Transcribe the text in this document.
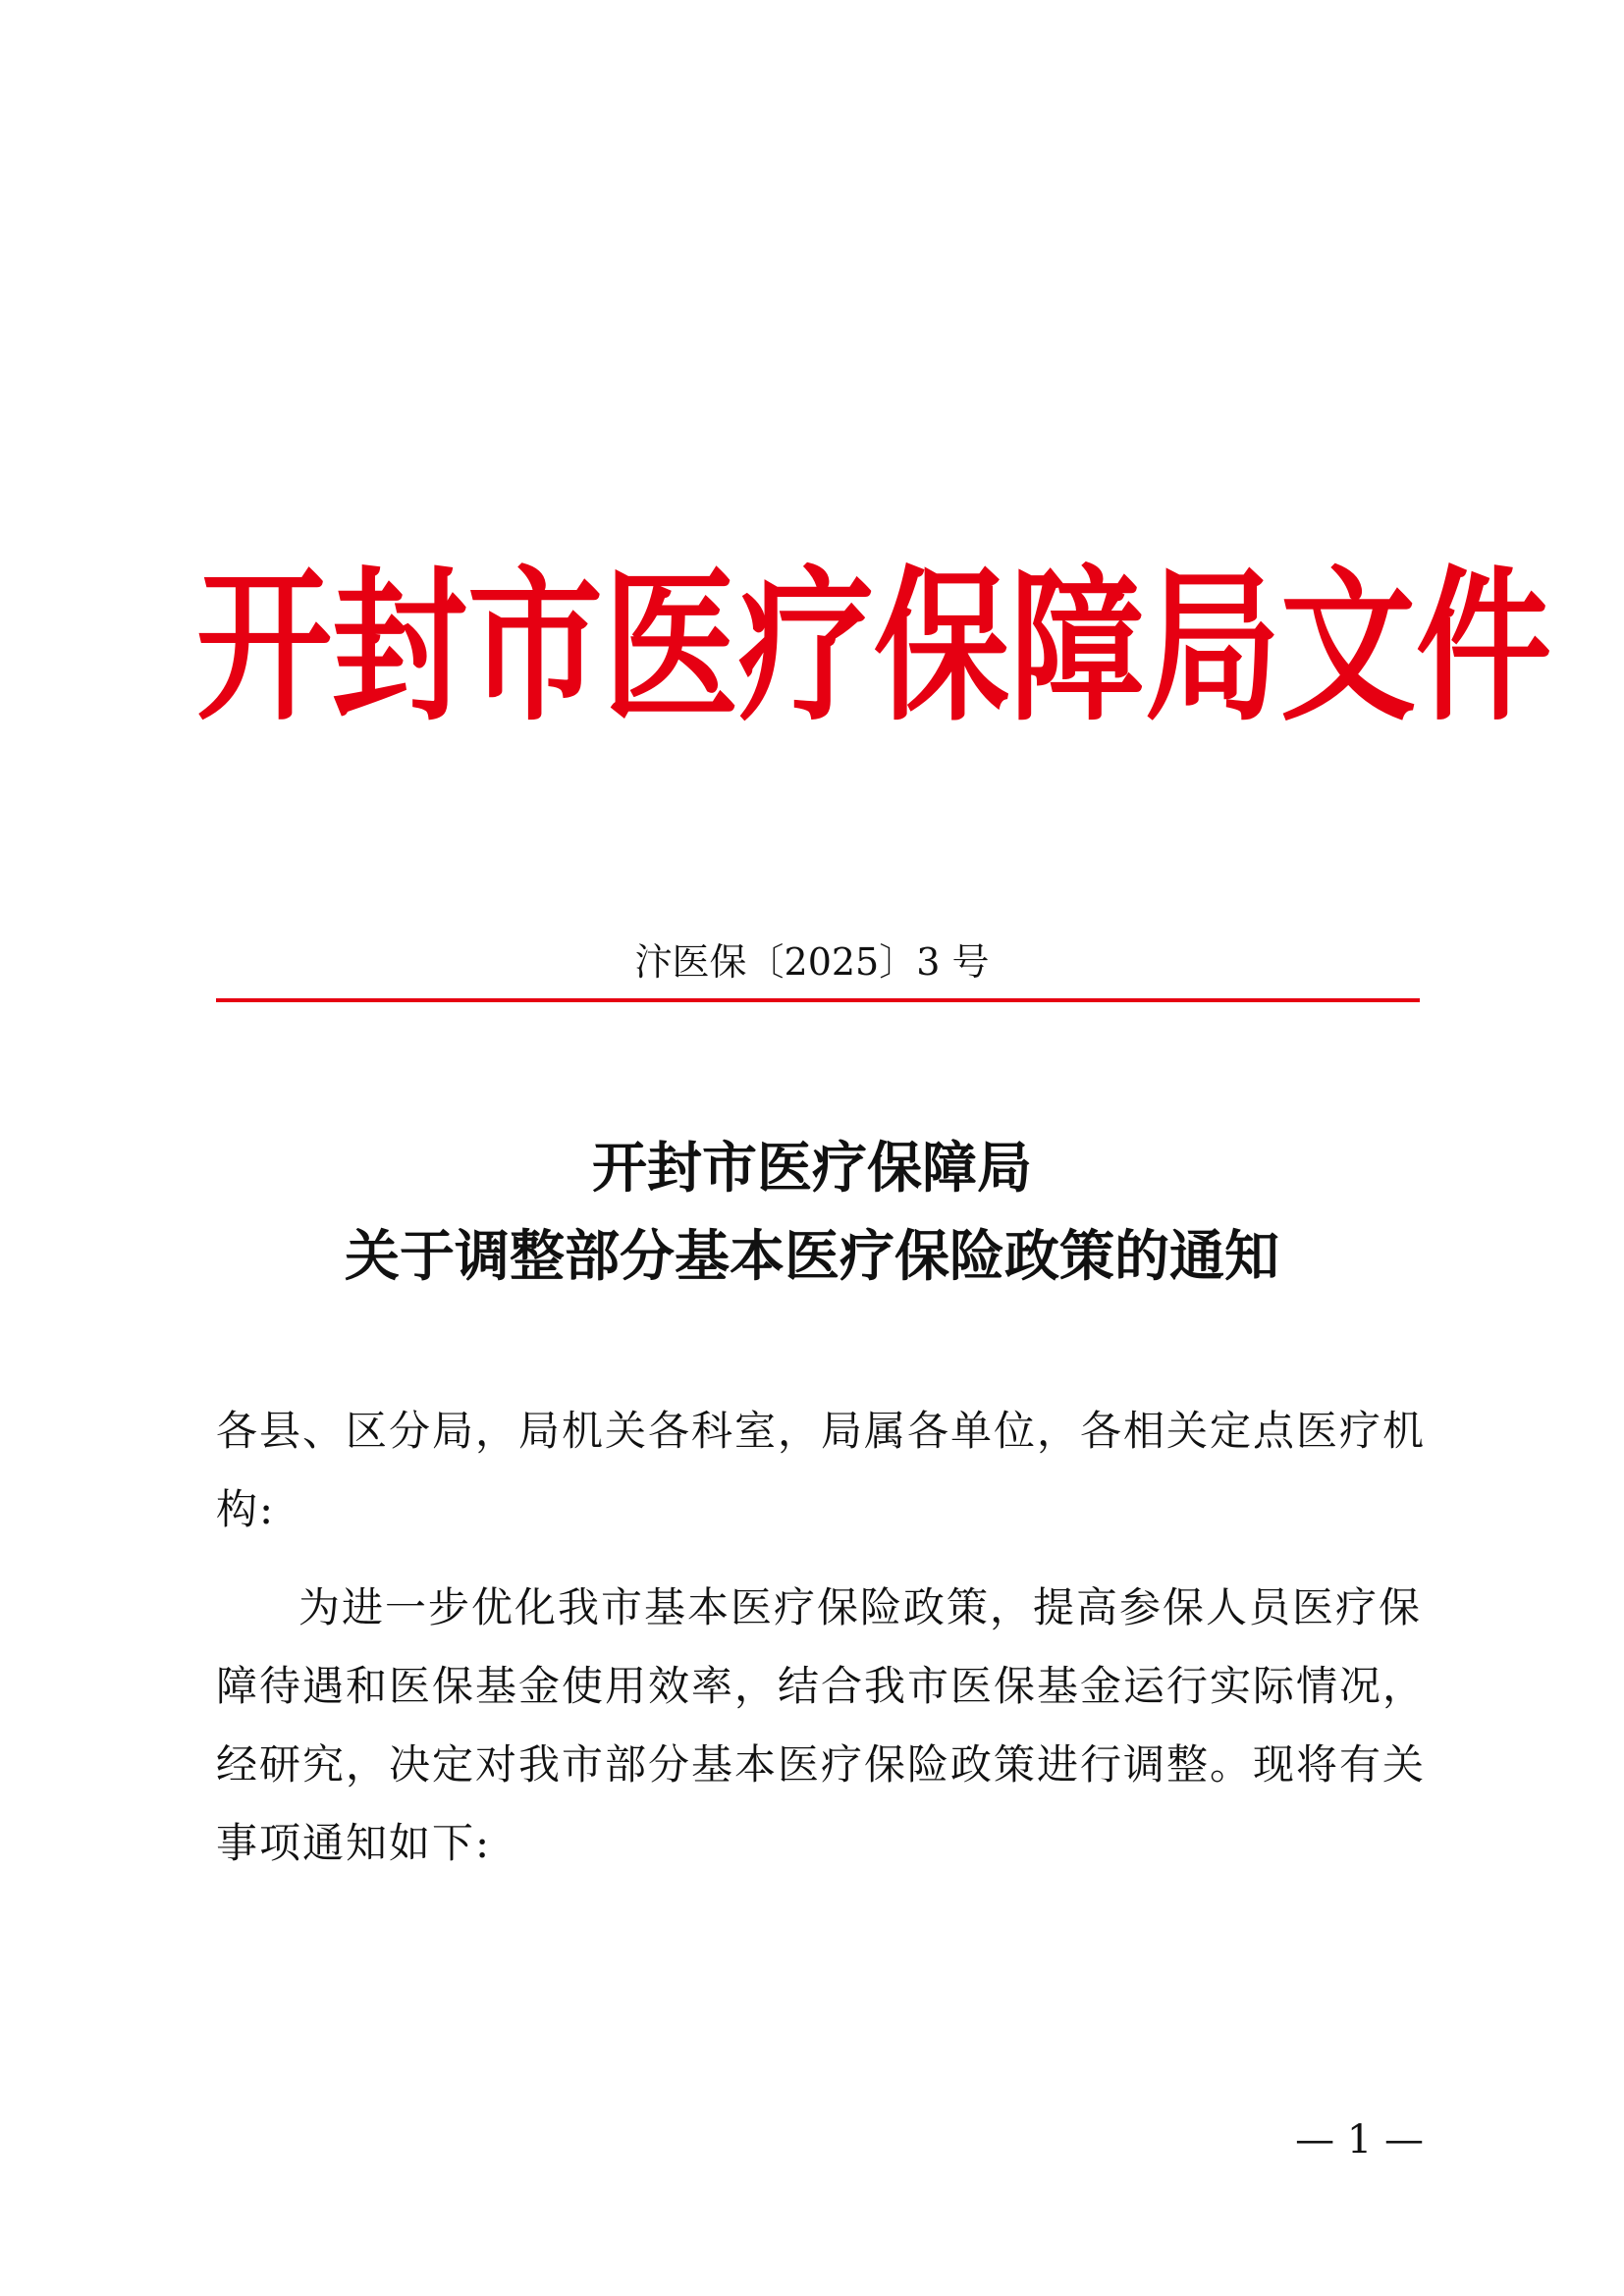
开封市医疗保障局文件
汴医保〔2025〕3 号
开封市医疗保障局
关于调整部分基本医疗保险政策的通知
各县、区分局，局机关各科室，局属各单位，各相关定点医疗机
构:
为进一步优化我市基本医疗保险政策，提高参保人员医疗保
障待遇和医保基金使用效率，结合我市医保基金运行实际情况，
经研究，决定对我市部分基本医疗保险政策进行调整。现将有关
事项通知如下:
— 1 —
